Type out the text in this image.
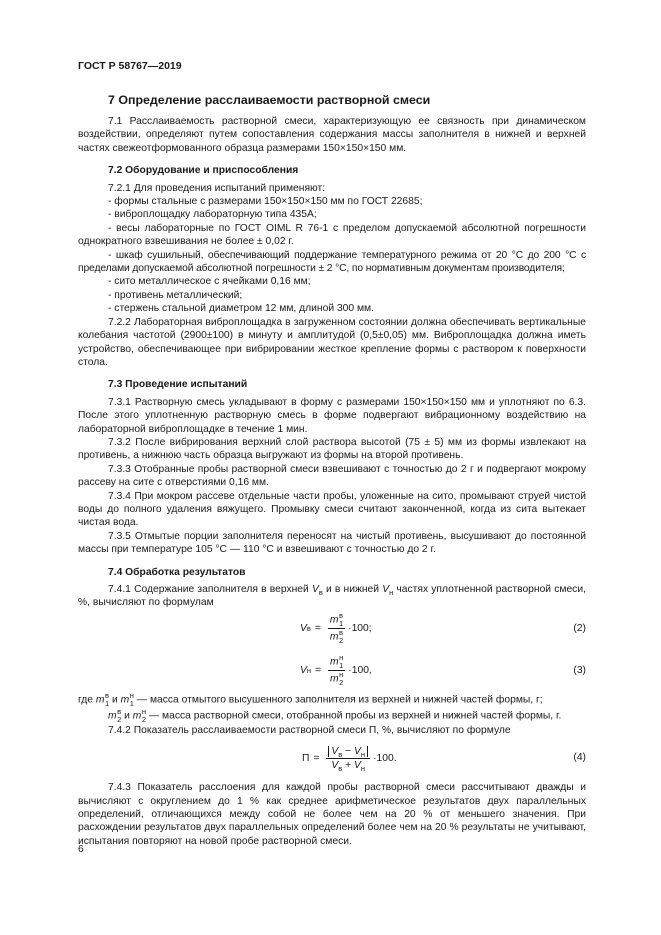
ГОСТ Р 58767—2019
7 Определение расслаиваемости растворной смеси

7.1 Расслаиваемость растворной смеси, характеризующую ее связность при динамическом воздействии, определяют путем сопоставления содержания массы заполнителя в нижней и верхней частях свежеотформованного образца размерами 150×150×150 мм.

7.2 Оборудование и приспособления

7.2.1 Для проведения испытаний применяют:

- формы стальные с размерами 150×150×150 мм по ГОСТ 22685;

- виброплощадку лабораторную типа 435А;

- весы лабораторные по ГОСТ OIML R 76-1 с пределом допускаемой абсолютной погрешности однократного взвешивания не более ± 0,02 г.

- шкаф сушильный, обеспечивающий поддержание температурного режима от 20 °С до 200 °С с пределами допускаемой абсолютной погрешности ± 2 °С, по нормативным документам производителя;

- сито металлическое с ячейками 0,16 мм;

- противень металлический;

- стержень стальной диаметром 12 мм, длиной 300 мм.

7.2.2 Лабораторная виброплощадка в загруженном состоянии должна обеспечивать вертикальные колебания частотой (2900±100) в минуту и амплитудой (0,5±0,05) мм. Виброплощадка должна иметь устройство, обеспечивающее при вибрировании жесткое крепление формы с раствором к поверхности стола.

7.3 Проведение испытаний

7.3.1 Растворную смесь укладывают в форму с размерами 150×150×150 мм и уплотняют по 6.3. После этого уплотненную растворную смесь в форме подвергают вибрационному воздействию на лабораторной виброплощадке в течение 1 мин.

7.3.2 После вибрирования верхний слой раствора высотой (75 ± 5) мм из формы извлекают на противень, а нижнюю часть образца выгружают из формы на второй противень.

7.3.3 Отобранные пробы растворной смеси взвешивают с точностью до 2 г и подвергают мокрому рассеву на сите с отверстиями 0,16 мм.

7.3.4 При мокром рассеве отдельные части пробы, уложенные на сито, промывают струей чистой воды до полного удаления вяжущего. Промывку смеси считают законченной, когда из сита вытекает чистая вода.

7.3.5 Отмытые порции заполнителя переносят на чистый противень, высушивают до постоянной массы при температуре 105 °С — 110 °С и взвешивают с точностью до 2 г.

7.4 Обработка результатов

7.4.1 Содержание заполнителя в верхней $V_в$ и в нижней $V_н$ частях уплотненной растворной смеси, %, вычисляют по формулам

V в = m в
1
m в
2 · 100 ;	(2)
V н = m н
1
m н
2 · 100 ,	(3)

где m в
1 и m н
1 — масса отмытого высушенного заполнителя из верхней и нижней частей формы, г;

m в
2 и m н
2 — масса растворной смеси, отобранной пробы из верхней и нижней частей формы, г.

7.4.2 Показатель расслаиваемости растворной смеси П, %, вычисляют по формуле

$П = \frac{V_в - V_н}{V_в + V_н} \cdot 100$ .	(4)

7.4.3 Показатель расслоения для каждой пробы растворной смеси рассчитывают дважды и вычисляют с округлением до 1 % как среднее арифметическое результатов двух параллельных определений, отличающихся между собой не более чем на 20 % от меньшего значения. При расхождении результатов двух параллельных определений более чем на 20 % результаты не учитывают, испытания повторяют на новой пробе растворной смеси.

6
